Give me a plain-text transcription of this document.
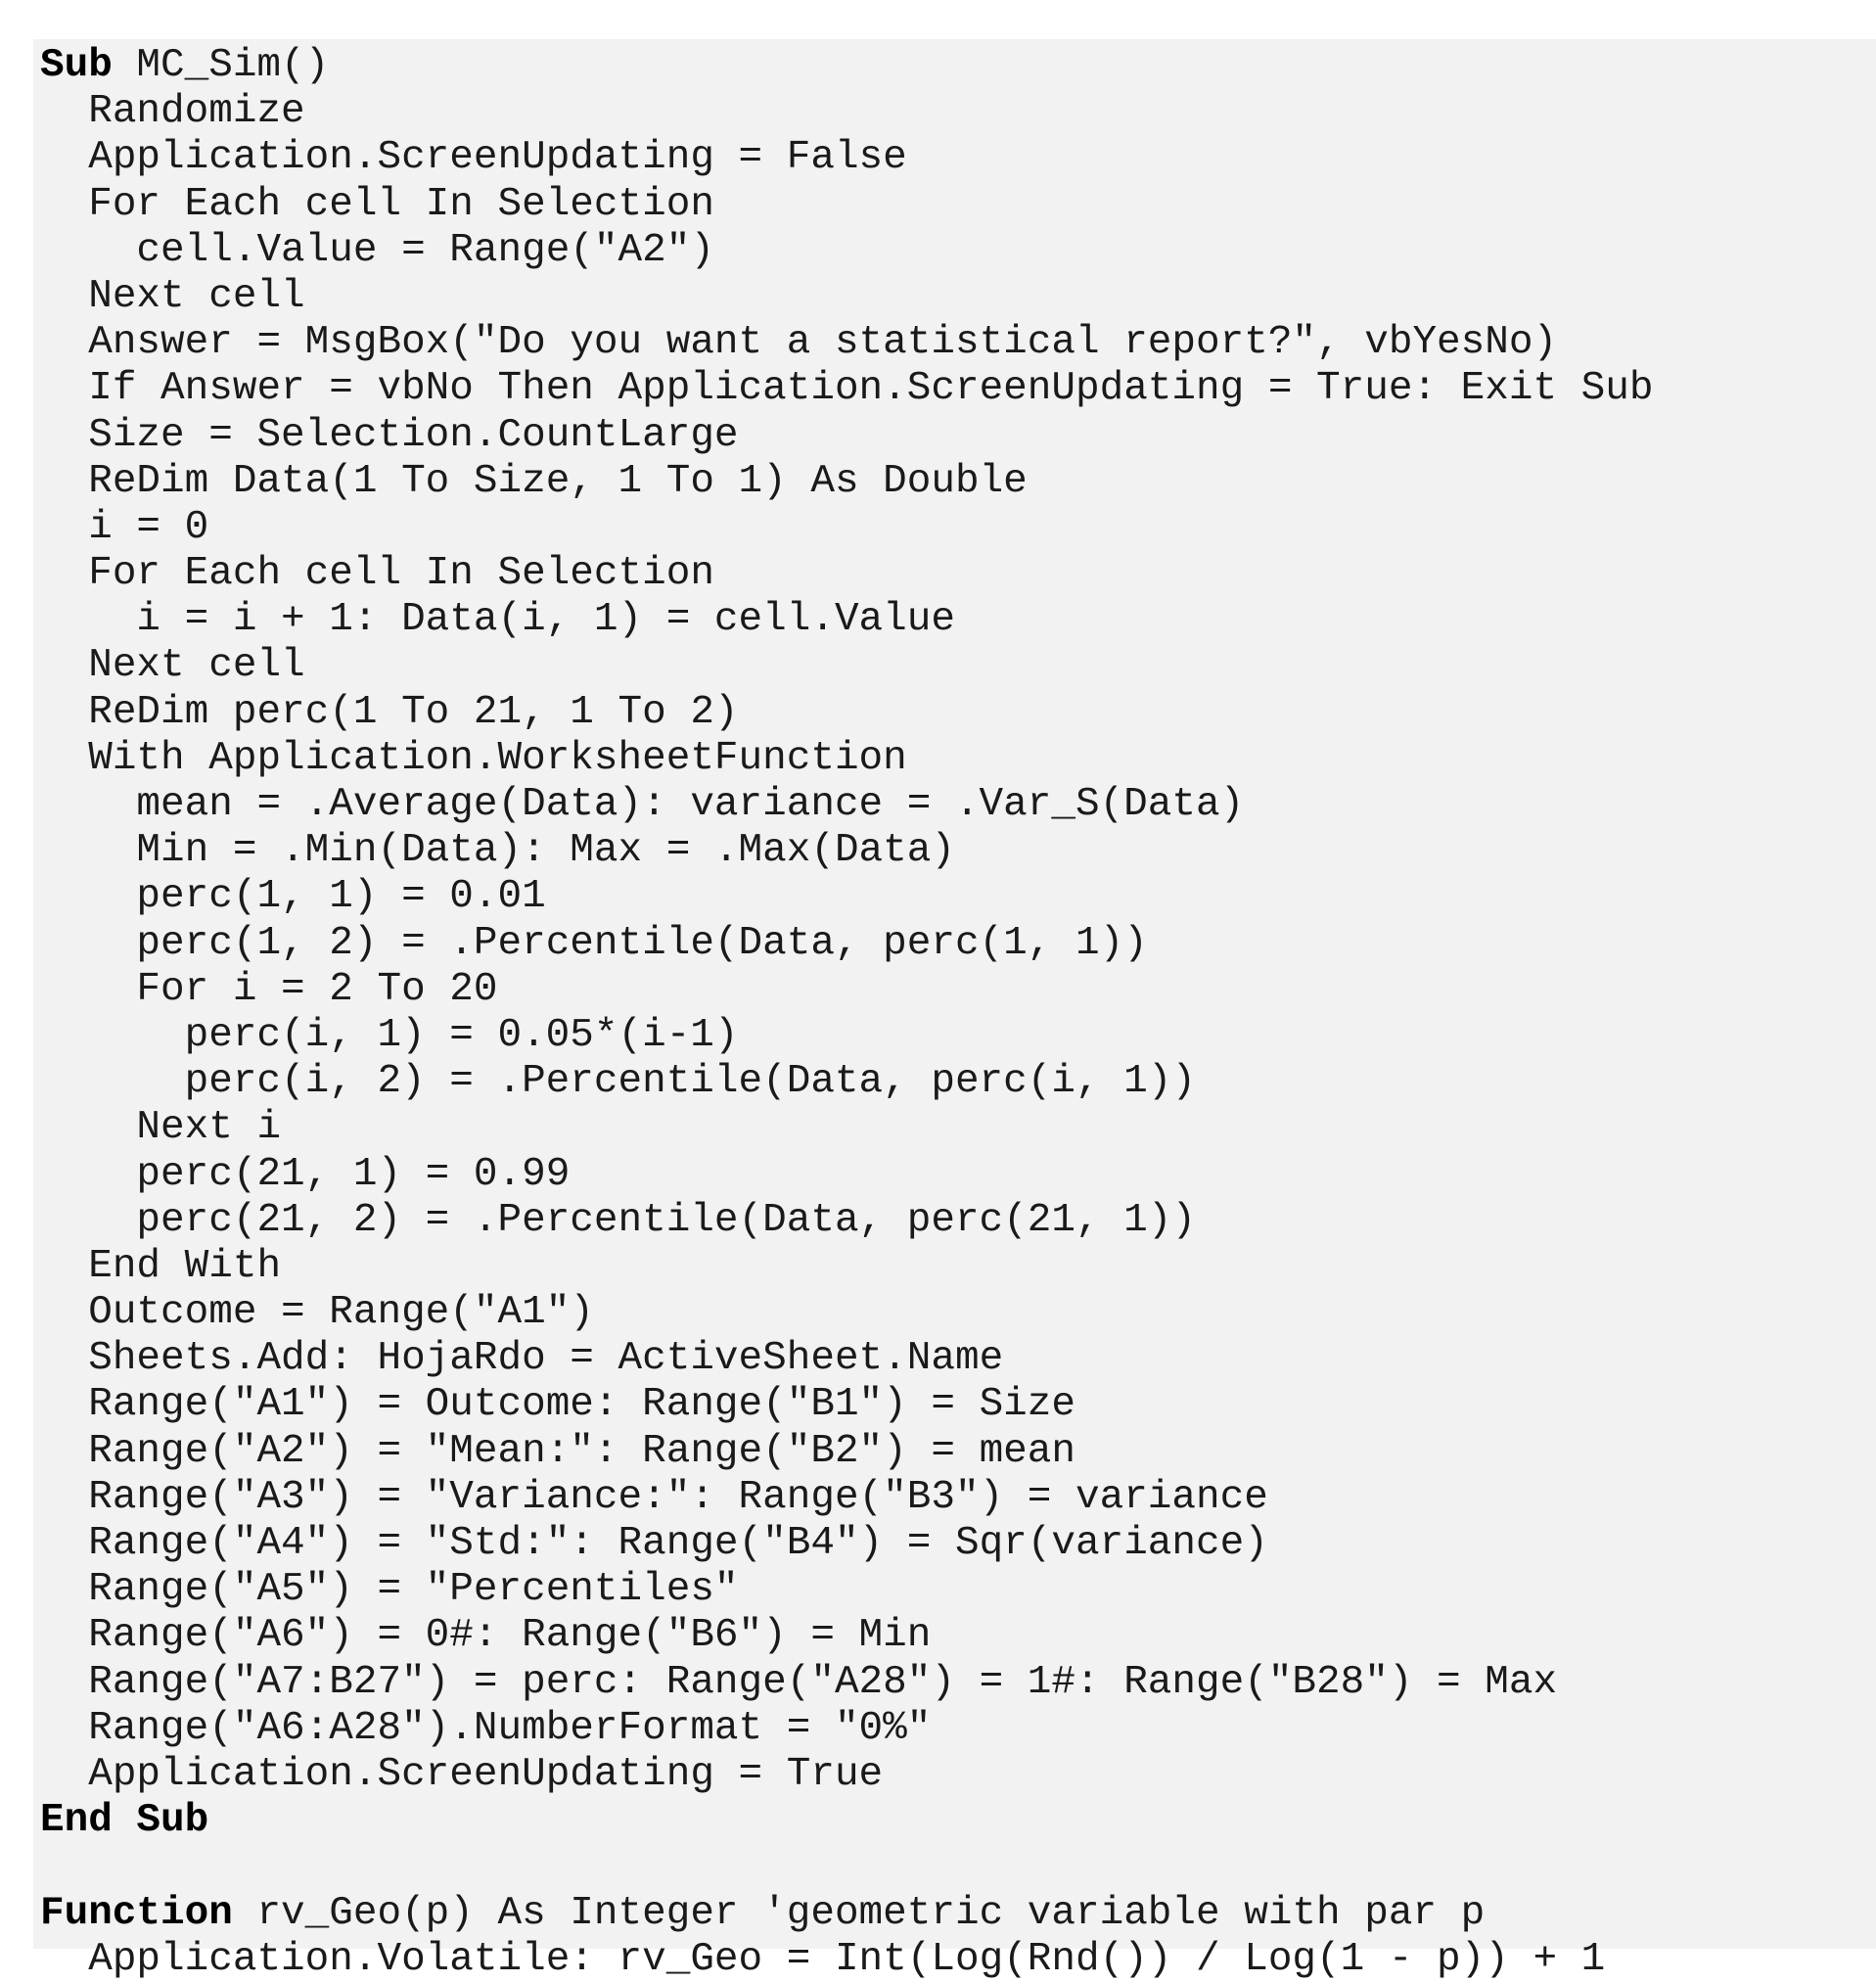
Sub MC_Sim()
Randomize
Application.ScreenUpdating = False
For Each cell In Selection
cell.Value = Range("A2")
Next cell
Answer = MsgBox("Do you want a statistical report?", vbYesNo)
If Answer = vbNo Then Application.ScreenUpdating = True: Exit Sub
Size = Selection.CountLarge
ReDim Data(1 To Size, 1 To 1) As Double
i = 0
For Each cell In Selection
i = i + 1: Data(i, 1) = cell.Value
Next cell
ReDim perc(1 To 21, 1 To 2)
With Application.WorksheetFunction
mean = .Average(Data): variance = .Var_S(Data)
Min = .Min(Data): Max = .Max(Data)
perc(1, 1) = 0.01
perc(1, 2) = .Percentile(Data, perc(1, 1))
For i = 2 To 20
perc(i, 1) = 0.05*(i-1)
perc(i, 2) = .Percentile(Data, perc(i, 1))
Next i
perc(21, 1) = 0.99
perc(21, 2) = .Percentile(Data, perc(21, 1))
End With
Outcome = Range("A1")
Sheets.Add: HojaRdo = ActiveSheet.Name
Range("A1") = Outcome: Range("B1") = Size
Range("A2") = "Mean:": Range("B2") = mean
Range("A3") = "Variance:": Range("B3") = variance
Range("A4") = "Std:": Range("B4") = Sqr(variance)
Range("A5") = "Percentiles"
Range("A6") = 0#: Range("B6") = Min
Range("A7:B27") = perc: Range("A28") = 1#: Range("B28") = Max
Range("A6:A28").NumberFormat = "0%"
Application.ScreenUpdating = True
End Sub
Function rv_Geo(p) As Integer 'geometric variable with par p
Application.Volatile: rv_Geo = Int(Log(Rnd()) / Log(1 - p)) + 1
